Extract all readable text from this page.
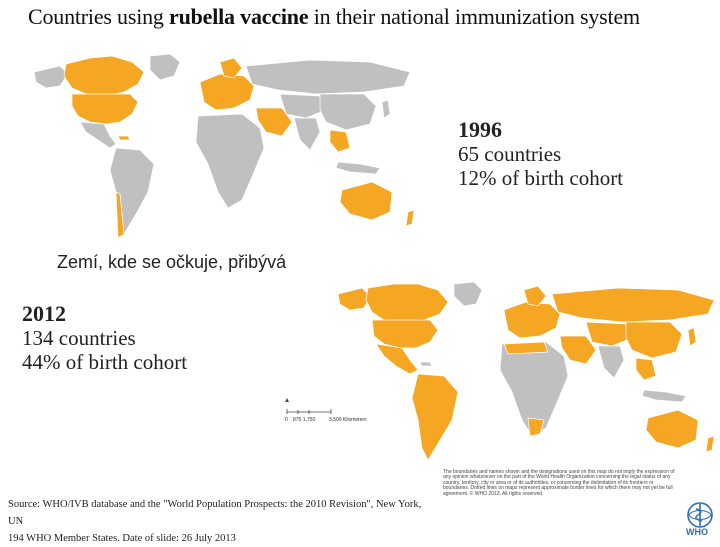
Countries using rubella vaccine in their national immunization system
1996
65 countries
12% of birth cohort
Zemí, kde se očkuje, přibývá
2012
134 countries
44% of birth cohort
0 875 1,750	3,500 Kilometers
The boundaries and names shown and the designations used on this map do not imply the expression of any opinion whatsoever on the part of the World Health Organization concerning the legal status of any country, territory, city or area or of its authorities, or concerning the delimitation of its frontiers or boundaries. Dotted lines on maps represent approximate border lines for which there may not yet be full agreement. © WHO 2013. All rights reserved.
Source: WHO/IVB database and the "World Population Prospects: the 2010 Revision", New York, UN
194 WHO Member States. Date of slide: 26 July 2013
WHO
